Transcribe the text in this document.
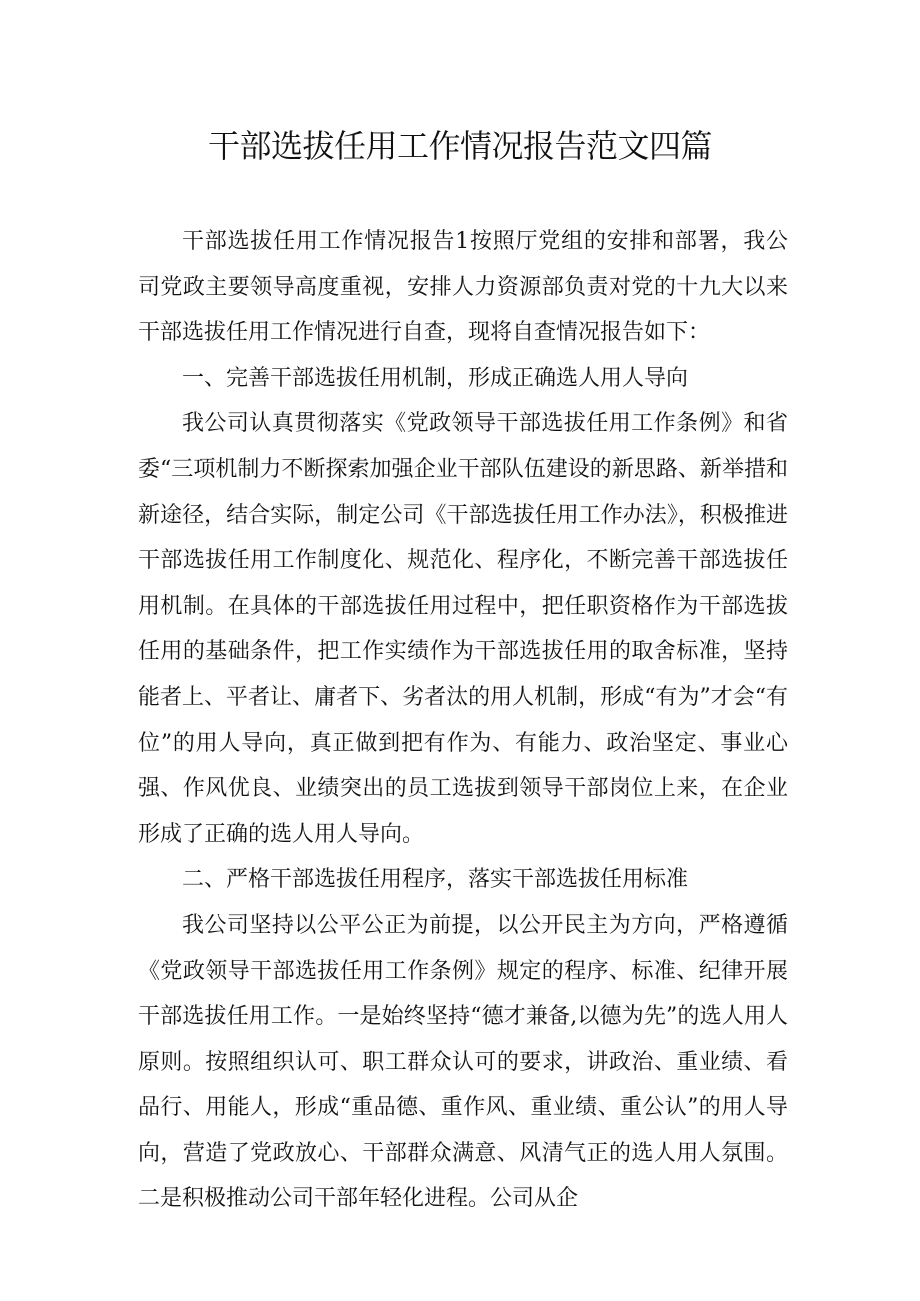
干部选拔任用工作情况报告范文四篇

干部选拔任用工作情况报告1按照厅党组的安排和部署，我公司党政主要领导高度重视，安排人力资源部负责对党的十九大以来干部选拔任用工作情况进行自查，现将自查情况报告如下：

一、完善干部选拔任用机制，形成正确选人用人导向

我公司认真贯彻落实《党政领导干部选拔任用工作条例》和省委“三项机制力不断探索加强企业干部队伍建设的新思路、新举措和新途径，结合实际，制定公司《干部选拔任用工作办法》，积极推进干部选拔任用工作制度化、规范化、程序化，不断完善干部选拔任用机制。在具体的干部选拔任用过程中，把任职资格作为干部选拔任用的基础条件，把工作实绩作为干部选拔任用的取舍标准，坚持能者上、平者让、庸者下、劣者汰的用人机制，形成“有为”才会“有位”的用人导向，真正做到把有作为、有能力、政治坚定、事业心强、作风优良、业绩突出的员工选拔到领导干部岗位上来，在企业形成了正确的选人用人导向。

二、严格干部选拔任用程序，落实干部选拔任用标准

我公司坚持以公平公正为前提，以公开民主为方向，严格遵循《党政领导干部选拔任用工作条例》规定的程序、标准、纪律开展干部选拔任用工作。一是始终坚持“德才兼备,以德为先”的选人用人原则。按照组织认可、职工群众认可的要求，讲政治、重业绩、看品行、用能人，形成“重品德、重作风、重业绩、重公认”的用人导向，营造了党政放心、干部群众满意、风清气正的选人用人氛围。二是积极推动公司干部年轻化进程。公司从企
